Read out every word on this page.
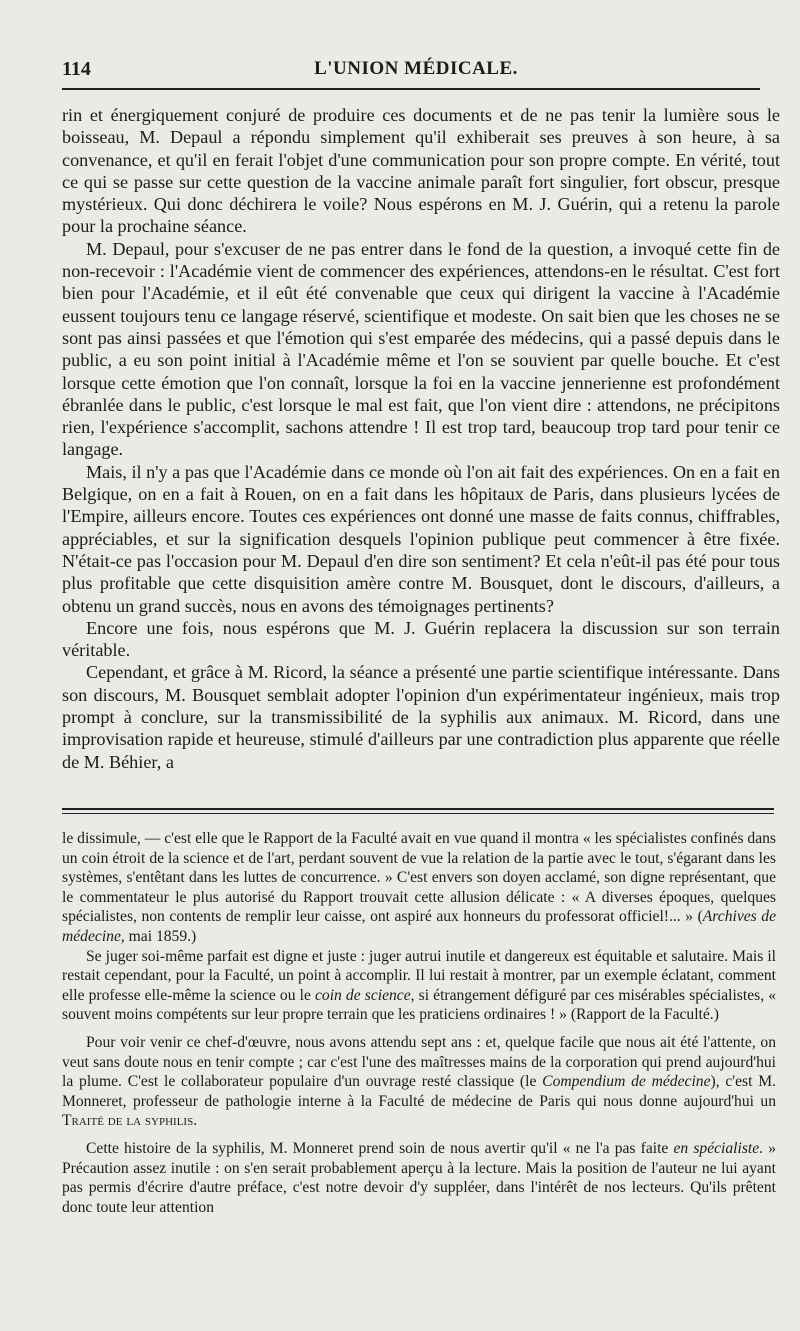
114	L'UNION MÉDICALE.

rin et énergiquement conjuré de produire ces documents et de ne pas tenir la lumière sous le boisseau, M. Depaul a répondu simplement qu'il exhiberait ses preuves à son heure, à sa convenance, et qu'il en ferait l'objet d'une communication pour son propre compte. En vérité, tout ce qui se passe sur cette question de la vaccine animale paraît fort singulier, fort obscur, presque mystérieux. Qui donc déchirera le voile? Nous espérons en M. J. Guérin, qui a retenu la parole pour la prochaine séance.

M. Depaul, pour s'excuser de ne pas entrer dans le fond de la question, a invoqué cette fin de non-recevoir : l'Académie vient de commencer des expériences, attendons-en le résultat. C'est fort bien pour l'Académie, et il eût été convenable que ceux qui dirigent la vaccine à l'Académie eussent toujours tenu ce langage réservé, scientifique et modeste. On sait bien que les choses ne se sont pas ainsi passées et que l'émotion qui s'est emparée des médecins, qui a passé depuis dans le public, a eu son point initial à l'Académie même et l'on se souvient par quelle bouche. Et c'est lorsque cette émotion que l'on connaît, lorsque la foi en la vaccine jennerienne est profondément ébranlée dans le public, c'est lorsque le mal est fait, que l'on vient dire : attendons, ne précipitons rien, l'expérience s'accomplit, sachons attendre ! Il est trop tard, beaucoup trop tard pour tenir ce langage.

Mais, il n'y a pas que l'Académie dans ce monde où l'on ait fait des expériences. On en a fait en Belgique, on en a fait à Rouen, on en a fait dans les hôpitaux de Paris, dans plusieurs lycées de l'Empire, ailleurs encore. Toutes ces expériences ont donné une masse de faits connus, chiffrables, appréciables, et sur la signification desquels l'opinion publique peut commencer à être fixée. N'était-ce pas l'occasion pour M. Depaul d'en dire son sentiment? Et cela n'eût-il pas été pour tous plus profitable que cette disquisition amère contre M. Bousquet, dont le discours, d'ailleurs, a obtenu un grand succès, nous en avons des témoignages pertinents?

Encore une fois, nous espérons que M. J. Guérin replacera la discussion sur son terrain véritable.

Cependant, et grâce à M. Ricord, la séance a présenté une partie scientifique intéressante. Dans son discours, M. Bousquet semblait adopter l'opinion d'un expérimentateur ingénieux, mais trop prompt à conclure, sur la transmissibilité de la syphilis aux animaux. M. Ricord, dans une improvisation rapide et heureuse, stimulé d'ailleurs par une contradiction plus apparente que réelle de M. Béhier, a

le dissimule, — c'est elle que le Rapport de la Faculté avait en vue quand il montra « les spécialistes confinés dans un coin étroit de la science et de l'art, perdant souvent de vue la relation de la partie avec le tout, s'égarant dans les systèmes, s'entêtant dans les luttes de concurrence. » C'est envers son doyen acclamé, son digne représentant, que le commentateur le plus autorisé du Rapport trouvait cette allusion délicate : « A diverses époques, quelques spécialistes, non contents de remplir leur caisse, ont aspiré aux honneurs du professorat officiel!... » (Archives de médecine, mai 1859.)

Se juger soi-même parfait est digne et juste : juger autrui inutile et dangereux est équitable et salutaire. Mais il restait cependant, pour la Faculté, un point à accomplir. Il lui restait à montrer, par un exemple éclatant, comment elle professe elle-même la science ou le coin de science, si étrangement défiguré par ces misérables spécialistes, « souvent moins compétents sur leur propre terrain que les praticiens ordinaires ! » (Rapport de la Faculté.)

Pour voir venir ce chef-d'œuvre, nous avons attendu sept ans : et, quelque facile que nous ait été l'attente, on veut sans doute nous en tenir compte ; car c'est l'une des maîtresses mains de la corporation qui prend aujourd'hui la plume. C'est le collaborateur populaire d'un ouvrage resté classique (le Compendium de médecine), c'est M. Monneret, professeur de pathologie interne à la Faculté de médecine de Paris qui nous donne aujourd'hui un Traité de la syphilis.

Cette histoire de la syphilis, M. Monneret prend soin de nous avertir qu'il « ne l'a pas faite en spécialiste. » Précaution assez inutile : on s'en serait probablement aperçu à la lecture. Mais la position de l'auteur ne lui ayant pas permis d'écrire d'autre préface, c'est notre devoir d'y suppléer, dans l'intérêt de nos lecteurs. Qu'ils prêtent donc toute leur attention
